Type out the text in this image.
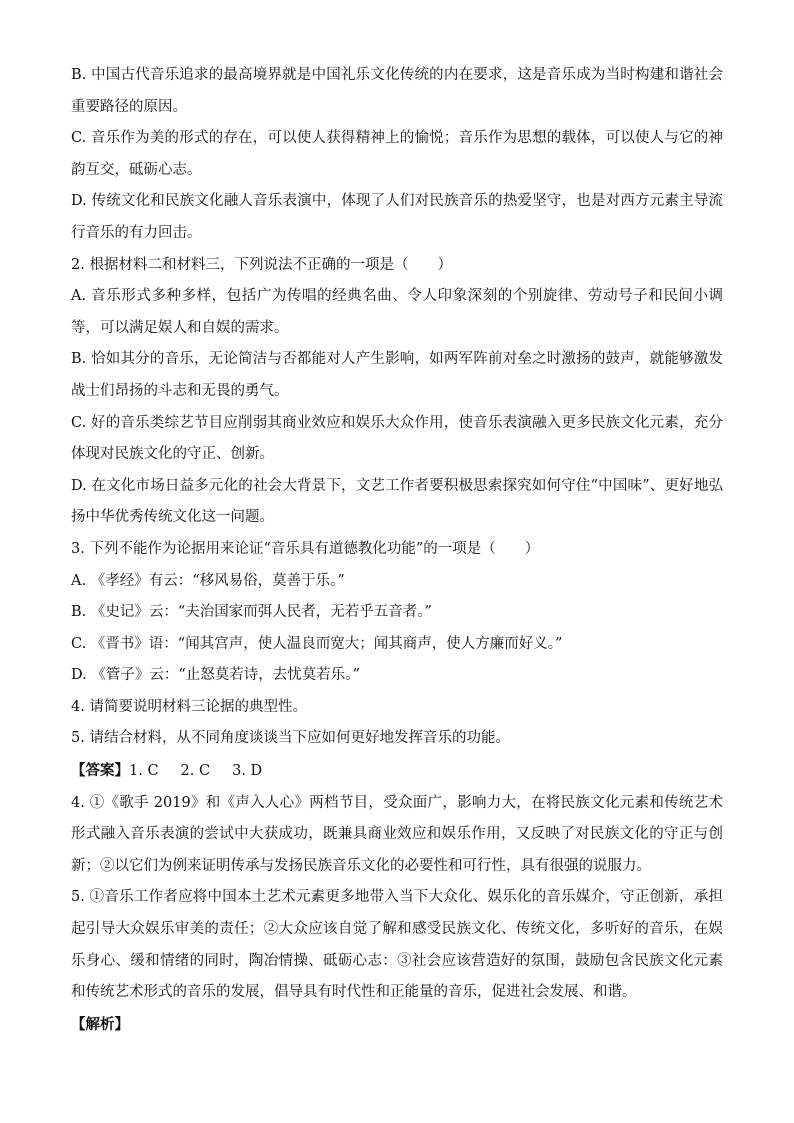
B. 中国古代音乐追求的最高境界就是中国礼乐文化传统的内在要求，这是音乐成为当时构建和谐社会重要路径的原因。

C. 音乐作为美的形式的存在，可以使人获得精神上的愉悦；音乐作为思想的载体，可以使人与它的神韵互交，砥砺心志。

D. 传统文化和民族文化融人音乐表演中，体现了人们对民族音乐的热爱坚守，也是对西方元素主导流行音乐的有力回击。

2. 根据材料二和材料三，下列说法不正确的一项是（　　）

A. 音乐形式多种多样，包括广为传唱的经典名曲、令人印象深刻的个别旋律、劳动号子和民间小调等，可以满足娱人和自娱的需求。

B. 恰如其分的音乐，无论简洁与否都能对人产生影响，如两军阵前对垒之时激扬的鼓声，就能够激发战士们昂扬的斗志和无畏的勇气。

C. 好的音乐类综艺节目应削弱其商业效应和娱乐大众作用，使音乐表演融入更多民族文化元素，充分体现对民族文化的守正、创新。

D. 在文化市场日益多元化的社会大背景下，文艺工作者要积极思索探究如何守住“中国味”、更好地弘扬中华优秀传统文化这一问题。

3. 下列不能作为论据用来论证“音乐具有道德教化功能”的一项是（　　）

A. 《孝经》有云：“移风易俗，莫善于乐。”

B. 《史记》云：“夫治国家而弭人民者，无若乎五音者。”

C. 《晋书》语：“闻其宫声，使人温良而宽大；闻其商声，使人方廉而好义。”

D. 《管子》云：“止怒莫若诗，去忧莫若乐。”

4. 请简要说明材料三论据的典型性。

5. 请结合材料，从不同角度谈谈当下应如何更好地发挥音乐的功能。

【答案】1. C 2. C 3. D

4. ①《歌手 2019》和《声入人心》两档节目，受众面广，影响力大，在将民族文化元素和传统艺术形式融入音乐表演的尝试中大获成功，既兼具商业效应和娱乐作用，又反映了对民族文化的守正与创新；②以它们为例来证明传承与发扬民族音乐文化的必要性和可行性，具有很强的说服力。

5. ①音乐工作者应将中国本土艺术元素更多地带入当下大众化、娱乐化的音乐媒介，守正创新，承担起引导大众娱乐审美的责任；②大众应该自觉了解和感受民族文化、传统文化，多听好的音乐，在娱乐身心、缓和情绪的同时，陶冶情操、砥砺心志：③社会应该营造好的氛围，鼓励包含民族文化元素和传统艺术形式的音乐的发展，倡导具有时代性和正能量的音乐，促进社会发展、和谐。

【解析】
